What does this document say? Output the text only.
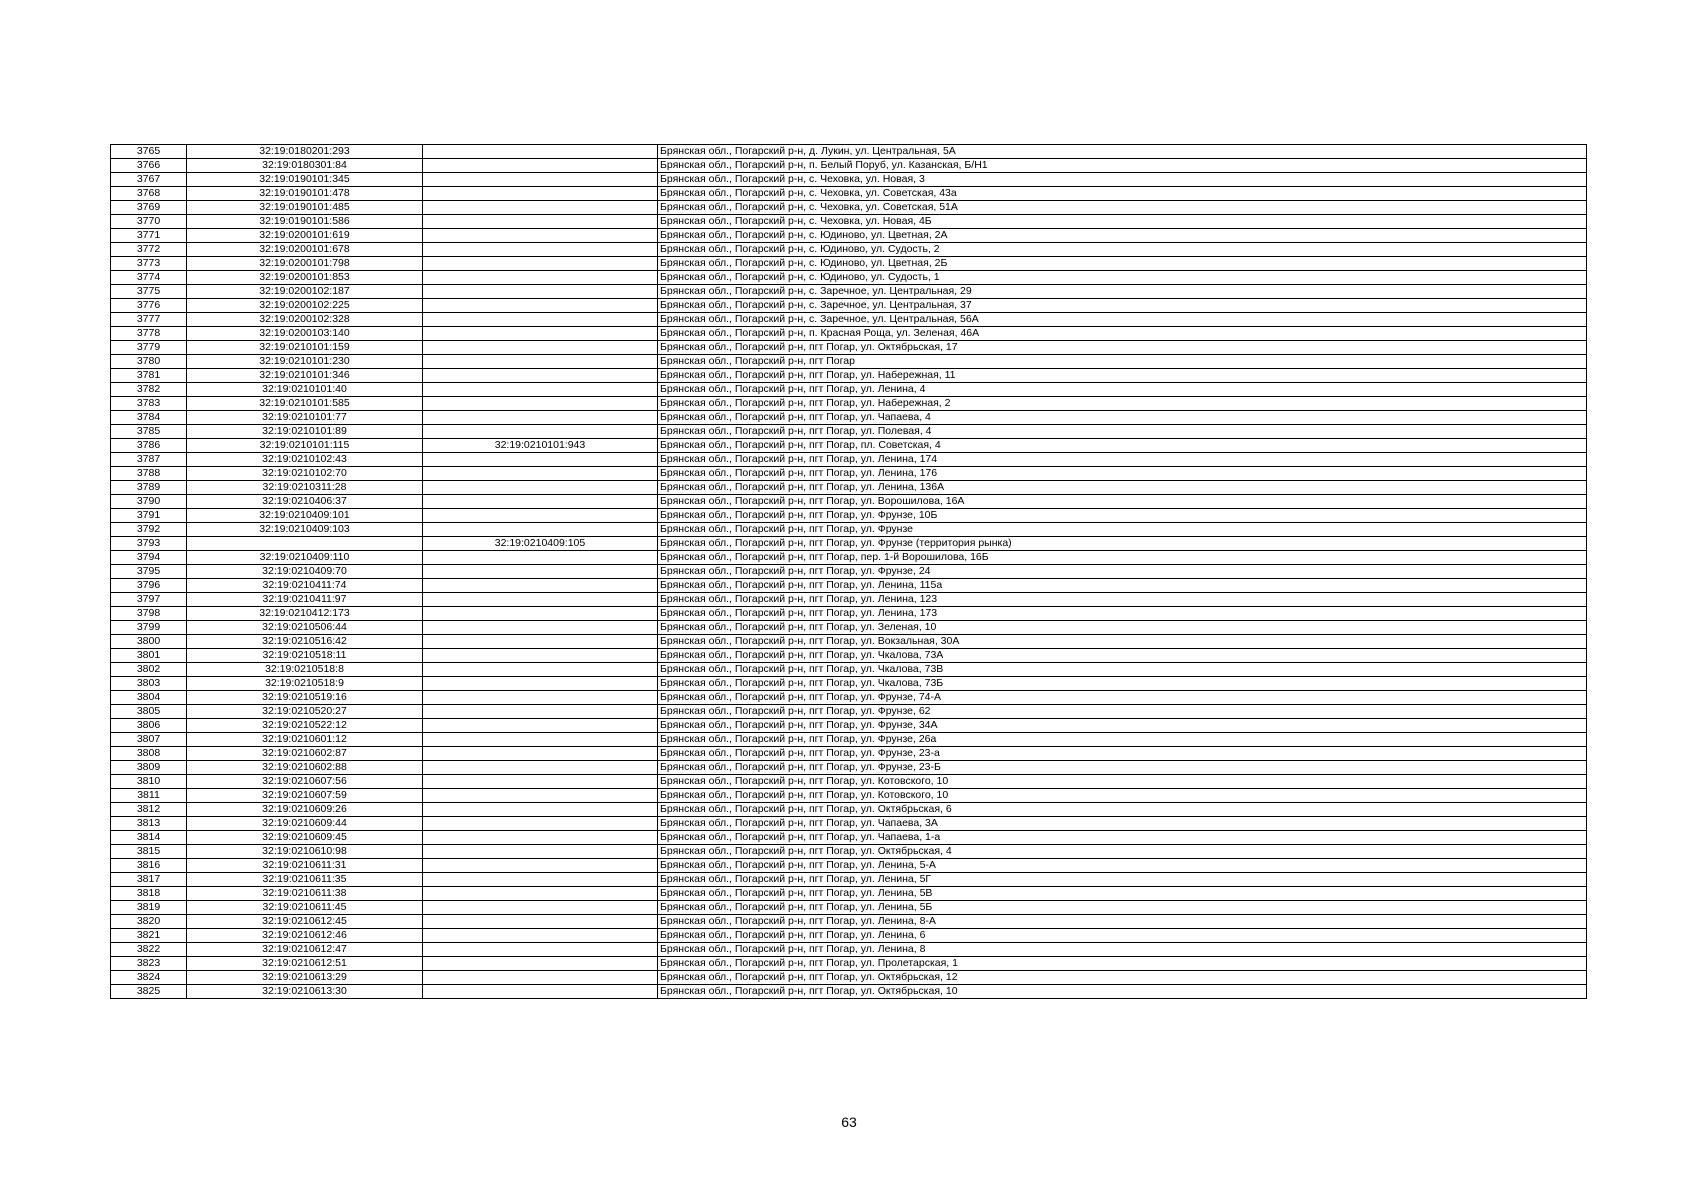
3765	32:19:0180201:293		Брянская обл., Погарский р-н, д. Лукин, ул. Центральная, 5А
3766	32:19:0180301:84		Брянская обл., Погарский р-н, п. Белый Поруб, ул. Казанская, Б/Н1
3767	32:19:0190101:345		Брянская обл., Погарский р-н, с. Чеховка, ул. Новая, 3
3768	32:19:0190101:478		Брянская обл., Погарский р-н, с. Чеховка, ул. Советская, 43а
3769	32:19:0190101:485		Брянская обл., Погарский р-н, с. Чеховка, ул. Советская, 51А
3770	32:19:0190101:586		Брянская обл., Погарский р-н, с. Чеховка, ул. Новая, 4Б
3771	32:19:0200101:619		Брянская обл., Погарский р-н, с. Юдиново, ул. Цветная, 2А
3772	32:19:0200101:678		Брянская обл., Погарский р-н, с. Юдиново, ул. Судость, 2
3773	32:19:0200101:798		Брянская обл., Погарский р-н, с. Юдиново, ул. Цветная, 2Б
3774	32:19:0200101:853		Брянская обл., Погарский р-н, с. Юдиново, ул. Судость, 1
3775	32:19:0200102:187		Брянская обл., Погарский р-н, с. Заречное, ул. Центральная, 29
3776	32:19:0200102:225		Брянская обл., Погарский р-н, с. Заречное, ул. Центральная, 37
3777	32:19:0200102:328		Брянская обл., Погарский р-н, с. Заречное, ул. Центральная, 56А
3778	32:19:0200103:140		Брянская обл., Погарский р-н, п. Красная Роща, ул. Зеленая, 46А
3779	32:19:0210101:159		Брянская обл., Погарский р-н, пгт Погар, ул. Октябрьская, 17
3780	32:19:0210101:230		Брянская обл., Погарский р-н, пгт Погар
3781	32:19:0210101:346		Брянская обл., Погарский р-н, пгт Погар, ул. Набережная, 11
3782	32:19:0210101:40		Брянская обл., Погарский р-н, пгт Погар, ул. Ленина, 4
3783	32:19:0210101:585		Брянская обл., Погарский р-н, пгт Погар, ул. Набережная, 2
3784	32:19:0210101:77		Брянская обл., Погарский р-н, пгт Погар, ул. Чапаева, 4
3785	32:19:0210101:89		Брянская обл., Погарский р-н, пгт Погар, ул. Полевая, 4
3786	32:19:0210101:115	32:19:0210101:943	Брянская обл., Погарский р-н, пгт Погар, пл. Советская, 4
3787	32:19:0210102:43		Брянская обл., Погарский р-н, пгт Погар, ул. Ленина, 174
3788	32:19:0210102:70		Брянская обл., Погарский р-н, пгт Погар, ул. Ленина, 176
3789	32:19:0210311:28		Брянская обл., Погарский р-н, пгт Погар, ул. Ленина, 136А
3790	32:19:0210406:37		Брянская обл., Погарский р-н, пгт Погар, ул. Ворошилова, 16А
3791	32:19:0210409:101		Брянская обл., Погарский р-н, пгт Погар, ул. Фрунзе, 10Б
3792	32:19:0210409:103		Брянская обл., Погарский р-н, пгт Погар, ул. Фрунзе
3793		32:19:0210409:105	Брянская обл., Погарский р-н, пгт Погар, ул. Фрунзе (территория рынка)
3794	32:19:0210409:110		Брянская обл., Погарский р-н, пгт Погар, пер. 1-й Ворошилова, 16Б
3795	32:19:0210409:70		Брянская обл., Погарский р-н, пгт Погар, ул. Фрунзе, 24
3796	32:19:0210411:74		Брянская обл., Погарский р-н, пгт Погар, ул. Ленина, 115а
3797	32:19:0210411:97		Брянская обл., Погарский р-н, пгт Погар, ул. Ленина, 123
3798	32:19:0210412:173		Брянская обл., Погарский р-н, пгт Погар, ул. Ленина, 173
3799	32:19:0210506:44		Брянская обл., Погарский р-н, пгт Погар, ул. Зеленая, 10
3800	32:19:0210516:42		Брянская обл., Погарский р-н, пгт Погар, ул. Вокзальная, 30А
3801	32:19:0210518:11		Брянская обл., Погарский р-н, пгт Погар, ул. Чкалова, 73А
3802	32:19:0210518:8		Брянская обл., Погарский р-н, пгт Погар, ул. Чкалова, 73В
3803	32:19:0210518:9		Брянская обл., Погарский р-н, пгт Погар, ул. Чкалова, 73Б
3804	32:19:0210519:16		Брянская обл., Погарский р-н, пгт Погар, ул. Фрунзе, 74-А
3805	32:19:0210520:27		Брянская обл., Погарский р-н, пгт Погар, ул. Фрунзе, 62
3806	32:19:0210522:12		Брянская обл., Погарский р-н, пгт Погар, ул. Фрунзе, 34А
3807	32:19:0210601:12		Брянская обл., Погарский р-н, пгт Погар, ул. Фрунзе, 26а
3808	32:19:0210602:87		Брянская обл., Погарский р-н, пгт Погар, ул. Фрунзе, 23-а
3809	32:19:0210602:88		Брянская обл., Погарский р-н, пгт Погар, ул. Фрунзе, 23-Б
3810	32:19:0210607:56		Брянская обл., Погарский р-н, пгт Погар, ул. Котовского, 10
3811	32:19:0210607:59		Брянская обл., Погарский р-н, пгт Погар, ул. Котовского, 10
3812	32:19:0210609:26		Брянская обл., Погарский р-н, пгт Погар, ул. Октябрьская, 6
3813	32:19:0210609:44		Брянская обл., Погарский р-н, пгт Погар, ул. Чапаева, 3А
3814	32:19:0210609:45		Брянская обл., Погарский р-н, пгт Погар, ул. Чапаева, 1-а
3815	32:19:0210610:98		Брянская обл., Погарский р-н, пгт Погар, ул. Октябрьская, 4
3816	32:19:0210611:31		Брянская обл., Погарский р-н, пгт Погар, ул. Ленина, 5-А
3817	32:19:0210611:35		Брянская обл., Погарский р-н, пгт Погар, ул. Ленина, 5Г
3818	32:19:0210611:38		Брянская обл., Погарский р-н, пгт Погар, ул. Ленина, 5В
3819	32:19:0210611:45		Брянская обл., Погарский р-н, пгт Погар, ул. Ленина, 5Б
3820	32:19:0210612:45		Брянская обл., Погарский р-н, пгт Погар, ул. Ленина, 8-А
3821	32:19:0210612:46		Брянская обл., Погарский р-н, пгт Погар, ул. Ленина, 6
3822	32:19:0210612:47		Брянская обл., Погарский р-н, пгт Погар, ул. Ленина, 8
3823	32:19:0210612:51		Брянская обл., Погарский р-н, пгт Погар, ул. Пролетарская, 1
3824	32:19:0210613:29		Брянская обл., Погарский р-н, пгт Погар, ул. Октябрьская, 12
3825	32:19:0210613:30		Брянская обл., Погарский р-н, пгт Погар, ул. Октябрьская, 10
63
